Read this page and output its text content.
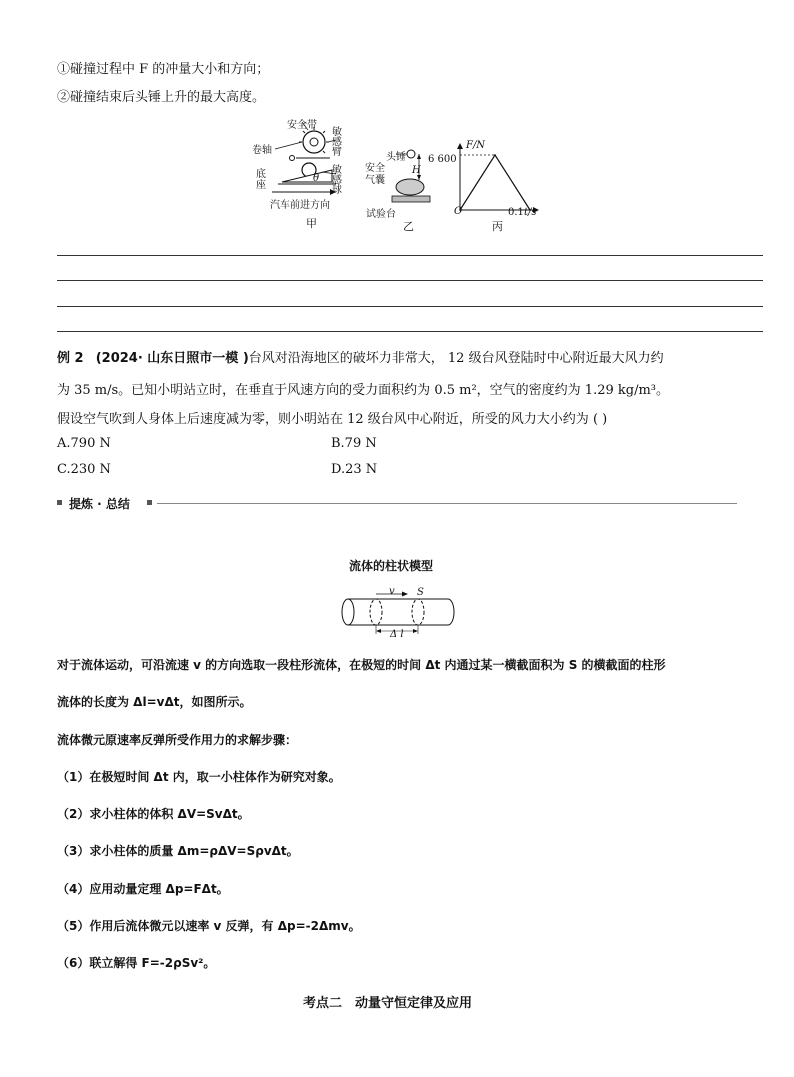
①碰撞过程中 F 的冲量大小和方向；
②碰撞结束后头锤上升的最大高度。
安全带
卷轴
敏感臂
底座
敏感球
θ
汽车前进方向
甲
头锤
安全气囊
H
试验台
乙
F/N
6 600
O	0.1 t/s
丙
例 2 (2024· 山东日照市一模 )台风对沿海地区的破坏力非常大， 12 级台风登陆时中心附近最大风力约
为 35 m/s。已知小明站立时，在垂直于风速方向的受力面积约为 0.5 m²，空气的密度约为 1.29 kg/m³。
假设空气吹到人身体上后速度减为零，则小明站在 12 级台风中心附近，所受的风力大小约为 ( )
A.790 N	B.79 N
C.230 N	D.23 N
提炼 · 总结
流体的柱状模型
v S
Δ l
对于流体运动，可沿流速 v 的方向选取一段柱形流体，在极短的时间 Δt 内通过某一横截面积为 S 的横截面的柱形
流体的长度为 Δl=vΔt，如图所示。
流体微元原速率反弹所受作用力的求解步骤：
（1）在极短时间 Δt 内，取一小柱体作为研究对象。
（2）求小柱体的体积 ΔV=SvΔt。
（3）求小柱体的质量 Δm=ρΔV=SρvΔt。
（4）应用动量定理 Δp=FΔt。
（5）作用后流体微元以速率 v 反弹，有 Δp=-2Δmv。
（6）联立解得 F=-2ρSv²。
考点二　动量守恒定律及应用
